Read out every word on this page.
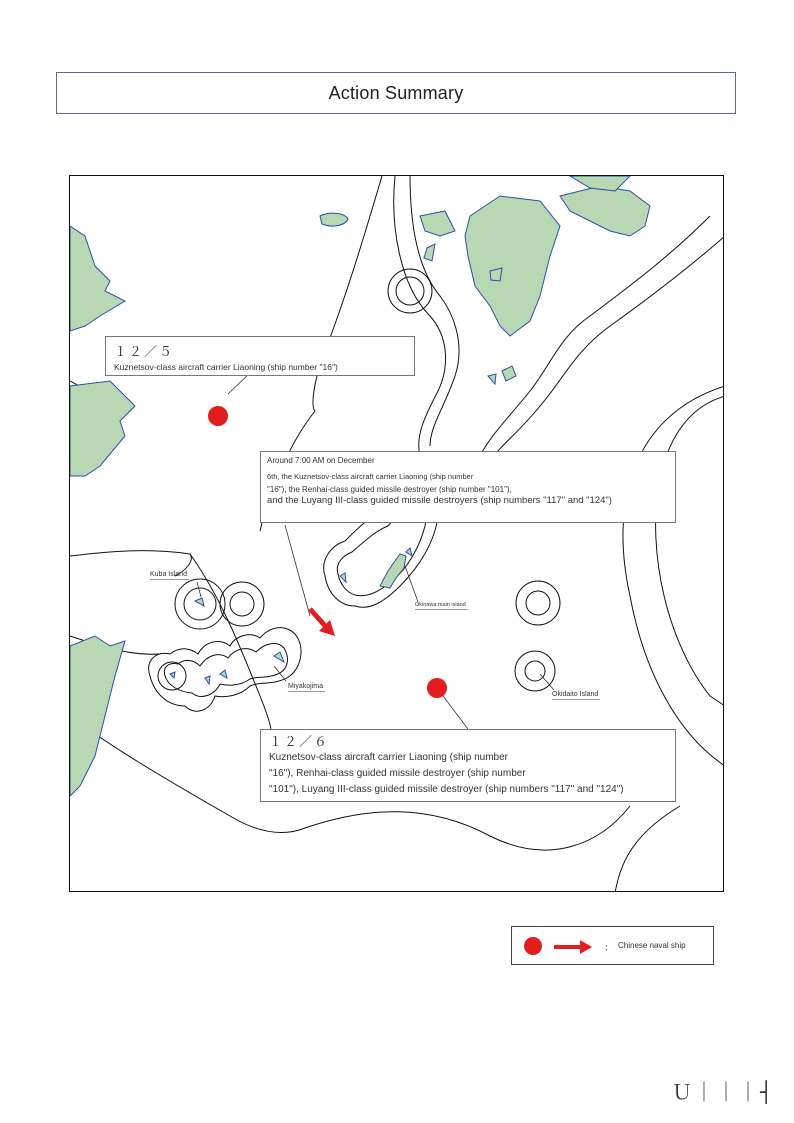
Action Summary
１２／５
Kuznetsov-class aircraft carrier Liaoning (ship number "16")
Around 7:00 AM on December
6th, the Kuznetsov-class aircraft carrier Liaoning (ship number
"16"), the Renhai-class guided missile destroyer (ship number "101"),
and the Luyang III-class guided missile destroyers (ship numbers "117" and "124")
１２／６
Kuznetsov-class aircraft carrier Liaoning (ship number
"16"), Renhai-class guided missile destroyer (ship number
"101"), Luyang III-class guided missile destroyer (ship numbers "117" and "124")
Kuba Island
Okinawa main island
Miyakojima
Okidaito Island
： Chinese naval ship
Ｕ｜｜｜┤
